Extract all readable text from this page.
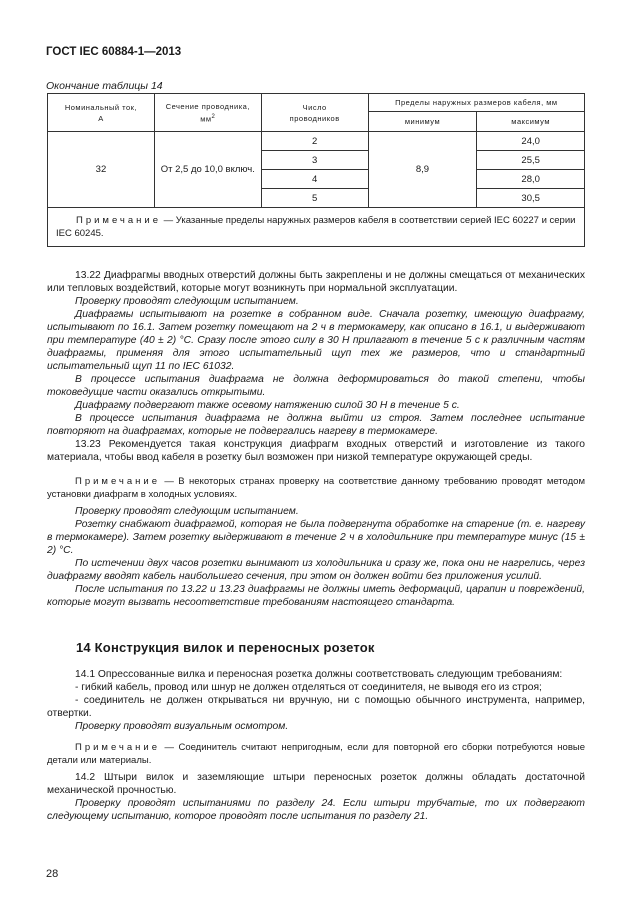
ГОСТ IEC 60884-1—2013
Окончание таблицы 14
Номинальный ток, А	Сечение проводника, $мм^2$	Число проводников	Пределы наружных размеров кабеля, мм	
			минимум	максимум
32	От 2,5 до 10,0 включ.	2	8,9	24,0
		3		25,5
		4		28,0
		5		30,5
Примечание — Указанные пределы наружных размеров кабеля в соответствии серией IEC 60227 и серии IEC 60245.				
13.22 Диафрагмы вводных отверстий должны быть закреплены и не должны смещаться от механических или тепловых воздействий, которые могут возникнуть при нормальной эксплуатации.
Проверку проводят следующим испытанием.
Диафрагмы испытывают на розетке в собранном виде. Сначала розетку, имеющую диафрагму, испытывают по 16.1. Затем розетку помещают на 2 ч в термокамеру, как описано в 16.1, и выдерживают при температуре (40 ± 2) °С. Сразу после этого силу в 30 Н прилагают в течение 5 с к различным частям диафрагмы, применяя для этого испытательный щуп тех же размеров, что и стандартный испытательный щуп 11 по IEC 61032.
В процессе испытания диафрагма не должна деформироваться до такой степени, чтобы токоведущие части оказались открытыми.
Диафрагму подвергают также осевому натяжению силой 30 Н в течение 5 с.
В процессе испытания диафрагма не должна выйти из строя. Затем последнее испытание повторяют на диафрагмах, которые не подвергались нагреву в термокамере.
13.23 Рекомендуется такая конструкция диафрагм входных отверстий и изготовление из такого материала, чтобы ввод кабеля в розетку был возможен при низкой температуре окружающей среды.
Примечание — В некоторых странах проверку на соответствие данному требованию проводят методом установки диафрагм в холодных условиях.
Проверку проводят следующим испытанием.
Розетку снабжают диафрагмой, которая не была подвергнута обработке на старение (т. е. нагреву в термокамере). Затем розетку выдерживают в течение 2 ч в холодильнике при температуре минус (15 ± 2) °С.
По истечении двух часов розетки вынимают из холодильника и сразу же, пока они не нагрелись, через диафрагму вводят кабель наибольшего сечения, при этом он должен войти без приложения усилий.
После испытания по 13.22 и 13.23 диафрагмы не должны иметь деформаций, царапин и повреждений, которые могут вызвать несоответствие требованиям настоящего стандарта.
14 Конструкция вилок и переносных розеток
14.1 Опрессованные вилка и переносная розетка должны соответствовать следующим требованиям:
- гибкий кабель, провод или шнур не должен отделяться от соединителя, не выводя его из строя;
- соединитель не должен открываться ни вручную, ни с помощью обычного инструмента, например, отвертки.
Проверку проводят визуальным осмотром.
Примечание — Соединитель считают непригодным, если для повторной его сборки потребуются новые детали или материалы.
14.2 Штыри вилок и заземляющие штыри переносных розеток должны обладать достаточной механической прочностью.
Проверку проводят испытаниями по разделу 24. Если штыри трубчатые, то их подвергают следующему испытанию, которое проводят после испытания по разделу 21.
28
